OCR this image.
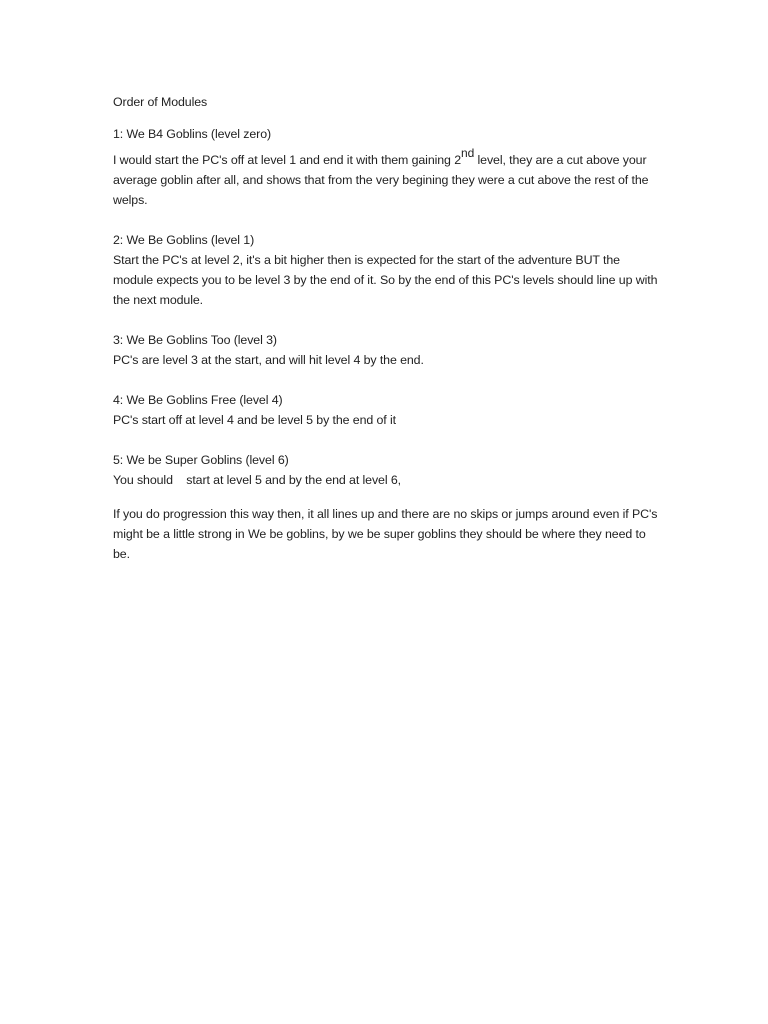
Order of Modules
1: We B4 Goblins (level zero)
I would start the PC's off at level 1 and end it with them gaining 2nd level, they are a cut above your average goblin after all, and shows that from the very begining they were a cut above the rest of the welps.
2: We Be Goblins (level 1)
Start the PC's at level 2, it's a bit higher then is expected for the start of the adventure BUT the module expects you to be level 3 by the end of it. So by the end of this PC's levels should line up with the next module.
3: We Be Goblins Too (level 3)
PC's are level 3 at the start, and will hit level 4 by the end.
4: We Be Goblins Free (level 4)
PC's start off at level 4 and be level 5 by the end of it
5: We be Super Goblins (level 6)
You should    start at level 5 and by the end at level 6,
If you do progression this way then, it all lines up and there are no skips or jumps around even if PC's might be a little strong in We be goblins, by we be super goblins they should be where they need to be.
